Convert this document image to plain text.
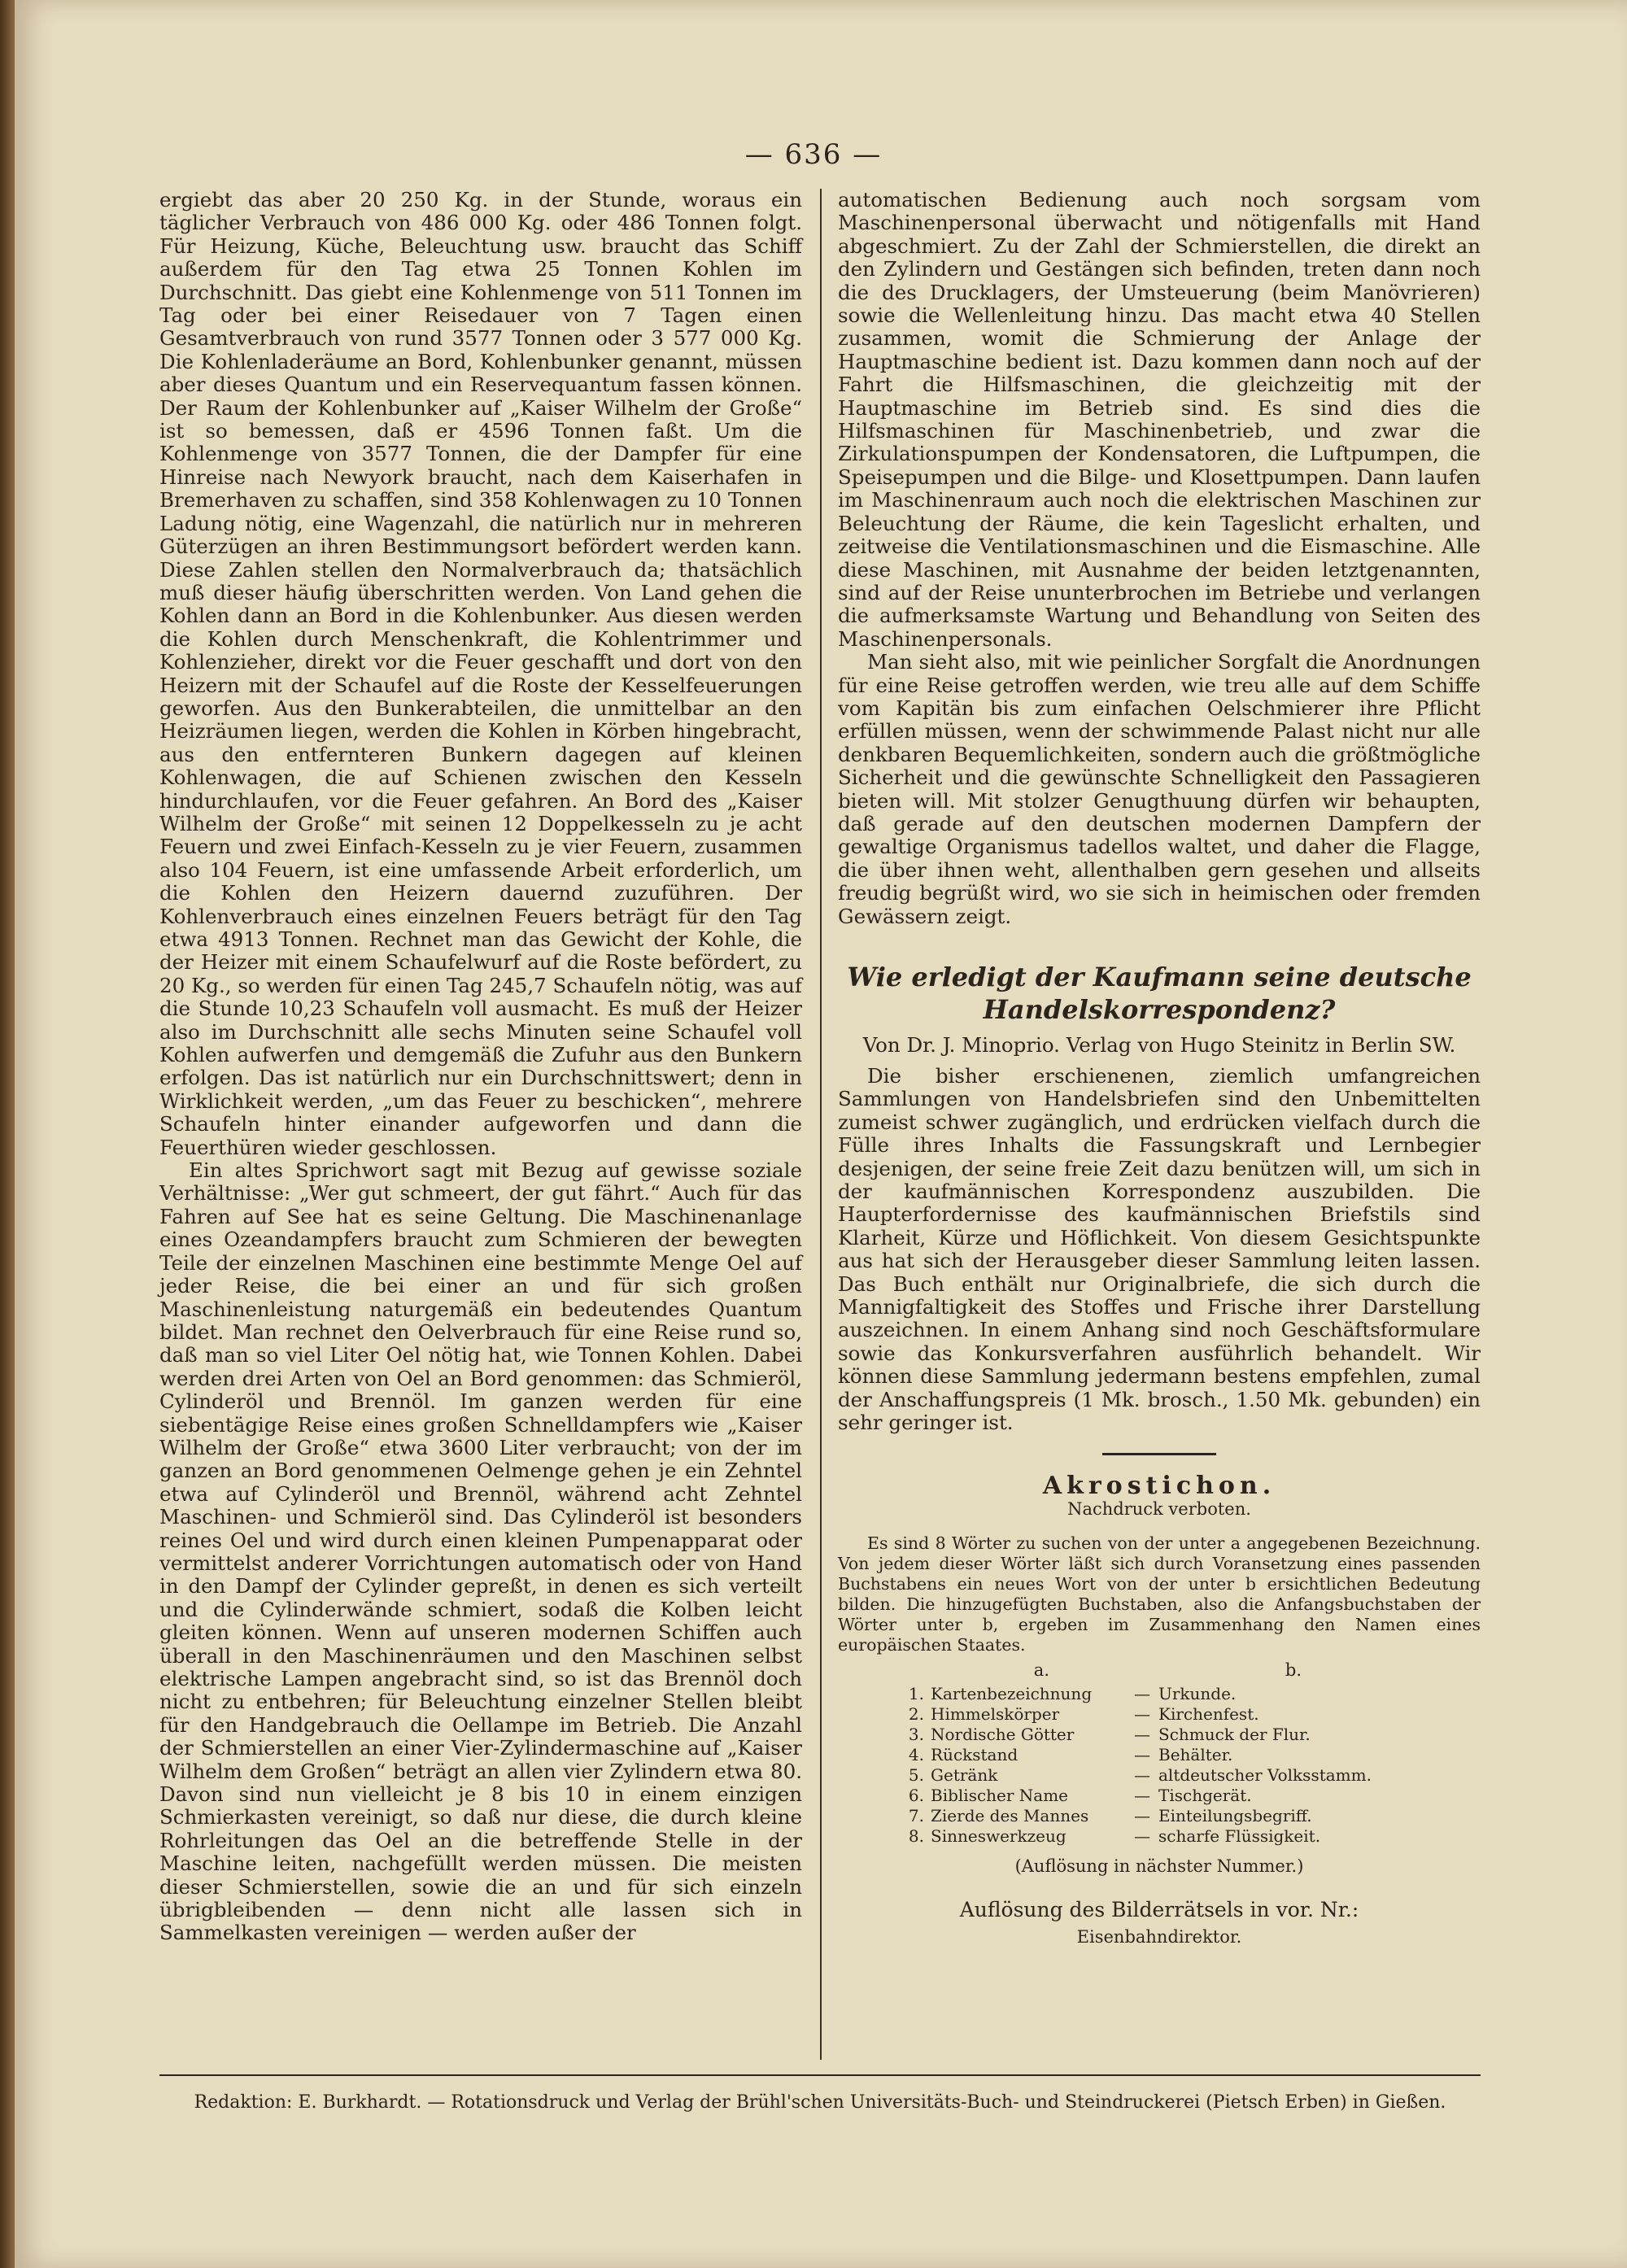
— 636 —

ergiebt das aber 20 250 Kg. in der Stunde, woraus ein täglicher Verbrauch von 486 000 Kg. oder 486 Tonnen folgt. Für Heizung, Küche, Beleuchtung usw. braucht das Schiff außerdem für den Tag etwa 25 Tonnen Kohlen im Durchschnitt. Das giebt eine Kohlenmenge von 511 Tonnen im Tag oder bei einer Reisedauer von 7 Tagen einen Gesamtverbrauch von rund 3577 Tonnen oder 3 577 000 Kg. Die Kohlenladeräume an Bord, Kohlenbunker genannt, müssen aber dieses Quantum und ein Reservequantum fassen können. Der Raum der Kohlenbunker auf „Kaiser Wilhelm der Große“ ist so bemessen, daß er 4596 Tonnen faßt. Um die Kohlenmenge von 3577 Tonnen, die der Dampfer für eine Hinreise nach Newyork braucht, nach dem Kaiserhafen in Bremerhaven zu schaffen, sind 358 Kohlenwagen zu 10 Tonnen Ladung nötig, eine Wagenzahl, die natürlich nur in mehreren Güterzügen an ihren Bestimmungsort befördert werden kann. Diese Zahlen stellen den Normalverbrauch da; thatsächlich muß dieser häufig überschritten werden. Von Land gehen die Kohlen dann an Bord in die Kohlenbunker. Aus diesen werden die Kohlen durch Menschenkraft, die Kohlentrimmer und Kohlenzieher, direkt vor die Feuer geschafft und dort von den Heizern mit der Schaufel auf die Roste der Kesselfeuerungen geworfen. Aus den Bunkerabteilen, die unmittelbar an den Heizräumen liegen, werden die Kohlen in Körben hingebracht, aus den entfernteren Bunkern dagegen auf kleinen Kohlenwagen, die auf Schienen zwischen den Kesseln hindurchlaufen, vor die Feuer gefahren. An Bord des „Kaiser Wilhelm der Große“ mit seinen 12 Doppelkesseln zu je acht Feuern und zwei Einfach-Kesseln zu je vier Feuern, zusammen also 104 Feuern, ist eine umfassende Arbeit erforderlich, um die Kohlen den Heizern dauernd zuzuführen. Der Kohlenverbrauch eines einzelnen Feuers beträgt für den Tag etwa 4913 Tonnen. Rechnet man das Gewicht der Kohle, die der Heizer mit einem Schaufelwurf auf die Roste befördert, zu 20 Kg., so werden für einen Tag 245,7 Schaufeln nötig, was auf die Stunde 10,23 Schaufeln voll ausmacht. Es muß der Heizer also im Durchschnitt alle sechs Minuten seine Schaufel voll Kohlen aufwerfen und demgemäß die Zufuhr aus den Bunkern erfolgen. Das ist natürlich nur ein Durchschnittswert; denn in Wirklichkeit werden, „um das Feuer zu beschicken“, mehrere Schaufeln hinter einander aufgeworfen und dann die Feuerthüren wieder geschlossen.

Ein altes Sprichwort sagt mit Bezug auf gewisse soziale Verhältnisse: „Wer gut schmeert, der gut fährt.“ Auch für das Fahren auf See hat es seine Geltung. Die Maschinenanlage eines Ozeandampfers braucht zum Schmieren der bewegten Teile der einzelnen Maschinen eine bestimmte Menge Oel auf jeder Reise, die bei einer an und für sich großen Maschinenleistung naturgemäß ein bedeutendes Quantum bildet. Man rechnet den Oelverbrauch für eine Reise rund so, daß man so viel Liter Oel nötig hat, wie Tonnen Kohlen. Dabei werden drei Arten von Oel an Bord genommen: das Schmieröl, Cylinderöl und Brennöl. Im ganzen werden für eine siebentägige Reise eines großen Schnelldampfers wie „Kaiser Wilhelm der Große“ etwa 3600 Liter verbraucht; von der im ganzen an Bord genommenen Oelmenge gehen je ein Zehntel etwa auf Cylinderöl und Brennöl, während acht Zehntel Maschinen- und Schmieröl sind. Das Cylinderöl ist besonders reines Oel und wird durch einen kleinen Pumpenapparat oder vermittelst anderer Vorrichtungen automatisch oder von Hand in den Dampf der Cylinder gepreßt, in denen es sich verteilt und die Cylinderwände schmiert, sodaß die Kolben leicht gleiten können. Wenn auf unseren modernen Schiffen auch überall in den Maschinenräumen und den Maschinen selbst elektrische Lampen angebracht sind, so ist das Brennöl doch nicht zu entbehren; für Beleuchtung einzelner Stellen bleibt für den Handgebrauch die Oellampe im Betrieb. Die Anzahl der Schmierstellen an einer Vier-Zylindermaschine auf „Kaiser Wilhelm dem Großen“ beträgt an allen vier Zylindern etwa 80. Davon sind nun vielleicht je 8 bis 10 in einem einzigen Schmierkasten vereinigt, so daß nur diese, die durch kleine Rohrleitungen das Oel an die betreffende Stelle in der Maschine leiten, nachgefüllt werden müssen. Die meisten dieser Schmierstellen, sowie die an und für sich einzeln übrigbleibenden — denn nicht alle lassen sich in Sammelkasten vereinigen — werden außer der

automatischen Bedienung auch noch sorgsam vom Maschinenpersonal überwacht und nötigenfalls mit Hand abgeschmiert. Zu der Zahl der Schmierstellen, die direkt an den Zylindern und Gestängen sich befinden, treten dann noch die des Drucklagers, der Umsteuerung (beim Manövrieren) sowie die Wellenleitung hinzu. Das macht etwa 40 Stellen zusammen, womit die Schmierung der Anlage der Hauptmaschine bedient ist. Dazu kommen dann noch auf der Fahrt die Hilfsmaschinen, die gleichzeitig mit der Hauptmaschine im Betrieb sind. Es sind dies die Hilfsmaschinen für Maschinenbetrieb, und zwar die Zirkulationspumpen der Kondensatoren, die Luftpumpen, die Speisepumpen und die Bilge- und Klosettpumpen. Dann laufen im Maschinenraum auch noch die elektrischen Maschinen zur Beleuchtung der Räume, die kein Tageslicht erhalten, und zeitweise die Ventilationsmaschinen und die Eismaschine. Alle diese Maschinen, mit Ausnahme der beiden letztgenannten, sind auf der Reise ununterbrochen im Betriebe und verlangen die aufmerksamste Wartung und Behandlung von Seiten des Maschinenpersonals.

Man sieht also, mit wie peinlicher Sorgfalt die Anordnungen für eine Reise getroffen werden, wie treu alle auf dem Schiffe vom Kapitän bis zum einfachen Oelschmierer ihre Pflicht erfüllen müssen, wenn der schwimmende Palast nicht nur alle denkbaren Bequemlichkeiten, sondern auch die größtmögliche Sicherheit und die gewünschte Schnelligkeit den Passagieren bieten will. Mit stolzer Genugthuung dürfen wir behaupten, daß gerade auf den deutschen modernen Dampfern der gewaltige Organismus tadellos waltet, und daher die Flagge, die über ihnen weht, allenthalben gern gesehen und allseits freudig begrüßt wird, wo sie sich in heimischen oder fremden Gewässern zeigt.

Wie erledigt der Kaufmann seine deutsche Handelskorrespondenz?
Von Dr. J. Minoprio. Verlag von Hugo Steinitz in Berlin SW.

Die bisher erschienenen, ziemlich umfangreichen Sammlungen von Handelsbriefen sind den Unbemittelten zumeist schwer zugänglich, und erdrücken vielfach durch die Fülle ihres Inhalts die Fassungskraft und Lernbegier desjenigen, der seine freie Zeit dazu benützen will, um sich in der kaufmännischen Korrespondenz auszubilden. Die Haupterfordernisse des kaufmännischen Briefstils sind Klarheit, Kürze und Höflichkeit. Von diesem Gesichtspunkte aus hat sich der Herausgeber dieser Sammlung leiten lassen. Das Buch enthält nur Originalbriefe, die sich durch die Mannigfaltigkeit des Stoffes und Frische ihrer Darstellung auszeichnen. In einem Anhang sind noch Geschäftsformulare sowie das Konkursverfahren ausführlich behandelt. Wir können diese Sammlung jedermann bestens empfehlen, zumal der Anschaffungspreis (1 Mk. brosch., 1.50 Mk. gebunden) ein sehr geringer ist.

Akrostichon.
Nachdruck verboten.

Es sind 8 Wörter zu suchen von der unter a angegebenen Bezeichnung. Von jedem dieser Wörter läßt sich durch Voransetzung eines passenden Buchstabens ein neues Wort von der unter b ersichtlichen Bedeutung bilden. Die hinzugefügten Buchstaben, also die Anfangsbuchstaben der Wörter unter b, ergeben im Zusammenhang den Namen eines europäischen Staates.

a.	b.
1.	Kartenbezeichnung	—	Urkunde.
2.	Himmelskörper	—	Kirchenfest.
3.	Nordische Götter	—	Schmuck der Flur.
4.	Rückstand	—	Behälter.
5.	Getränk	—	altdeutscher Volksstamm.
6.	Biblischer Name	—	Tischgerät.
7.	Zierde des Mannes	—	Einteilungsbegriff.
8.	Sinneswerkzeug	—	scharfe Flüssigkeit.
(Auflösung in nächster Nummer.)
Auflösung des Bilderrätsels in vor. Nr.:
Eisenbahndirektor.
Redaktion: E. Burkhardt. — Rotationsdruck und Verlag der Brühl'schen Universitäts-Buch- und Steindruckerei (Pietsch Erben) in Gießen.
